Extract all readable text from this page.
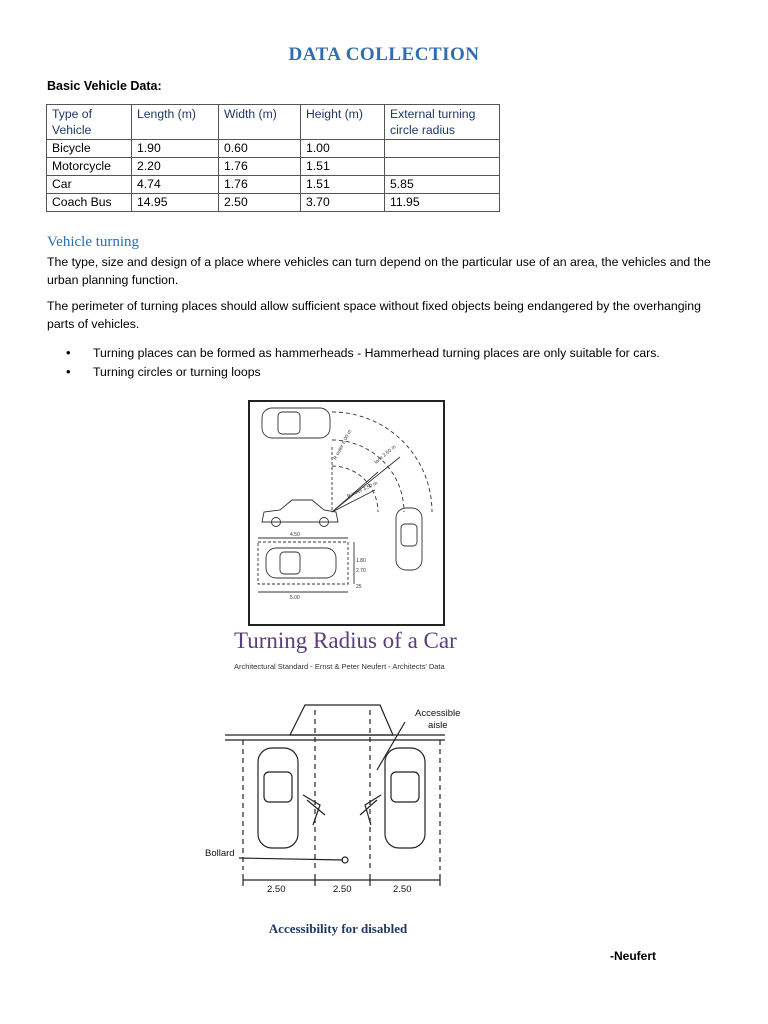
DATA COLLECTION
Basic Vehicle Data:
Type of Vehicle	Length (m)	Width (m)	Height (m)	External turning circle radius
Bicycle	1.90	0.60	1.00	
Motorcycle	2.20	1.76	1.51	
Car	4.74	1.76	1.51	5.85
Coach Bus	14.95	2.50	3.70	11.95
Vehicle turning
The type, size and design of a place where vehicles can turn depend on the particular use of an area, the vehicles and the urban planning function.
The perimeter of turning places should allow sufficient space without fixed objects being endangered by the overhanging parts of vehicles.
• Turning places can be formed as hammerheads - Hammerhead turning places are only suitable for cars.
• Turning circles or turning loops
R outer 6.00 m	lane 2.50 m
R inner 3.50 m
4.50
5.00
1.80
2.70
25
Turning Radius of a Car
Architectural Standard - Ernst & Peter Neufert - Architects' Data
Accessible
aisle
Bollard
2.50	2.50	2.50
Accessibility for disabled
-Neufert
